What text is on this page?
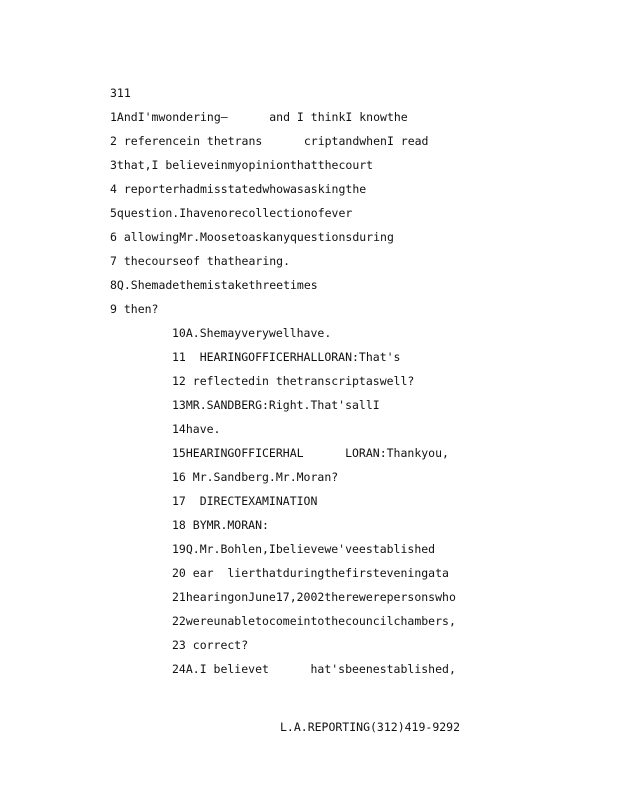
311
1AndI'mwondering—      and I thinkI knowthe
2 referencein thetrans      criptandwhenI read
3that,I believeinmyopinionthatthecourt
4 reporterhadmisstatedwhowasaskingthe
5question.Ihavenorecollectionofever
6 allowingMr.Moosetoaskanyquestionsduring
7 thecourseof thathearing.
8Q.Shemadethemistakethreetimes
9 then?
10A.Shemayverywellhave.
11  HEARINGOFFICERHALLORAN:That's
12 reflectedin thetranscriptaswell?
13MR.SANDBERG:Right.That'sallI
14have.
15HEARINGOFFICERHAL      LORAN:Thankyou,
16 Mr.Sandberg.Mr.Moran?
17  DIRECTEXAMINATION
18 BYMR.MORAN:
19Q.Mr.Bohlen,Ibelievewe'veestablished
20 ear  lierthatduringthefirsteveningata
21hearingonJune17,2002therewerepersonswho
22wereunabletocomeintothecouncilchambers,
23 correct?
24A.I believet      hat'sbeenestablished,
L.A.REPORTING(312)419-9292
